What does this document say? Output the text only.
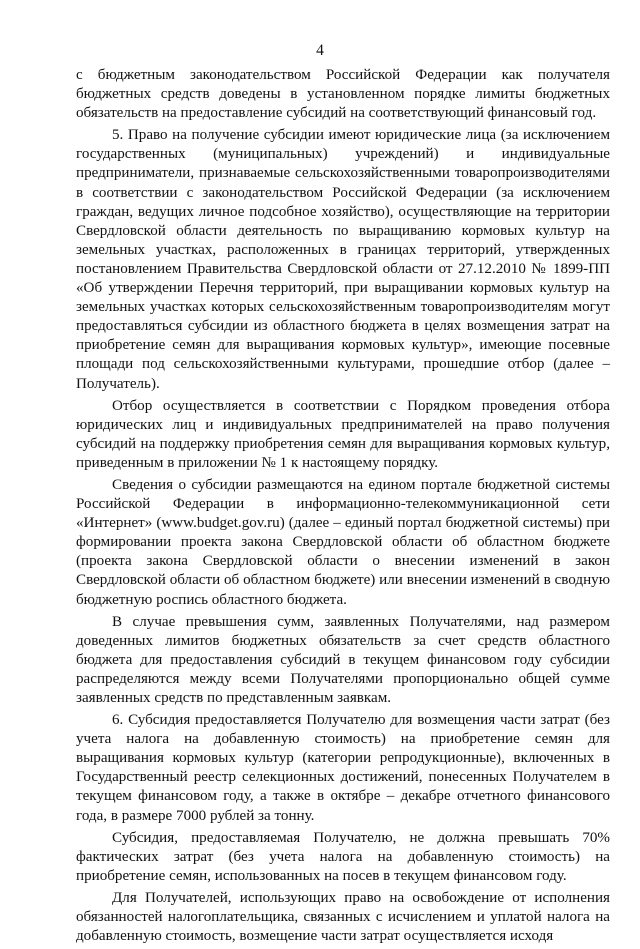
4

с бюджетным законодательством Российской Федерации как получателя бюджетных средств доведены в установленном порядке лимиты бюджетных обязательств на предоставление субсидий на соответствующий финансовый год.

5. Право на получение субсидии имеют юридические лица (за исключением государственных (муниципальных) учреждений) и индивидуальные предприниматели, признаваемые сельскохозяйственными товаропроизводителями в соответствии с законодательством Российской Федерации (за исключением граждан, ведущих личное подсобное хозяйство), осуществляющие на территории Свердловской области деятельность по выращиванию кормовых культур на земельных участках, расположенных в границах территорий, утвержденных постановлением Правительства Свердловской области от 27.12.2010 № 1899-ПП «Об утверждении Перечня территорий, при выращивании кормовых культур на земельных участках которых сельскохозяйственным товаропроизводителям могут предоставляться субсидии из областного бюджета в целях возмещения затрат на приобретение семян для выращивания кормовых культур», имеющие посевные площади под сельскохозяйственными культурами, прошедшие отбор (далее – Получатель).

Отбор осуществляется в соответствии с Порядком проведения отбора юридических лиц и индивидуальных предпринимателей на право получения субсидий на поддержку приобретения семян для выращивания кормовых культур, приведенным в приложении № 1 к настоящему порядку.

Сведения о субсидии размещаются на едином портале бюджетной системы Российской Федерации в информационно-телекоммуникационной сети «Интернет» (www.budget.gov.ru) (далее – единый портал бюджетной системы) при формировании проекта закона Свердловской области об областном бюджете (проекта закона Свердловской области о внесении изменений в закон Свердловской области об областном бюджете) или внесении изменений в сводную бюджетную роспись областного бюджета.

В случае превышения сумм, заявленных Получателями, над размером доведенных лимитов бюджетных обязательств за счет средств областного бюджета для предоставления субсидий в текущем финансовом году субсидии распределяются между всеми Получателями пропорционально общей сумме заявленных средств по представленным заявкам.

6. Субсидия предоставляется Получателю для возмещения части затрат (без учета налога на добавленную стоимость) на приобретение семян для выращивания кормовых культур (категории репродукционные), включенных в Государственный реестр селекционных достижений, понесенных Получателем в текущем финансовом году, а также в октябре – декабре отчетного финансового года, в размере 7000 рублей за тонну.

Субсидия, предоставляемая Получателю, не должна превышать 70% фактических затрат (без учета налога на добавленную стоимость) на приобретение семян, использованных на посев в текущем финансовом году.

Для Получателей, использующих право на освобождение от исполнения обязанностей налогоплательщика, связанных с исчислением и уплатой налога на добавленную стоимость, возмещение части затрат осуществляется исходя
